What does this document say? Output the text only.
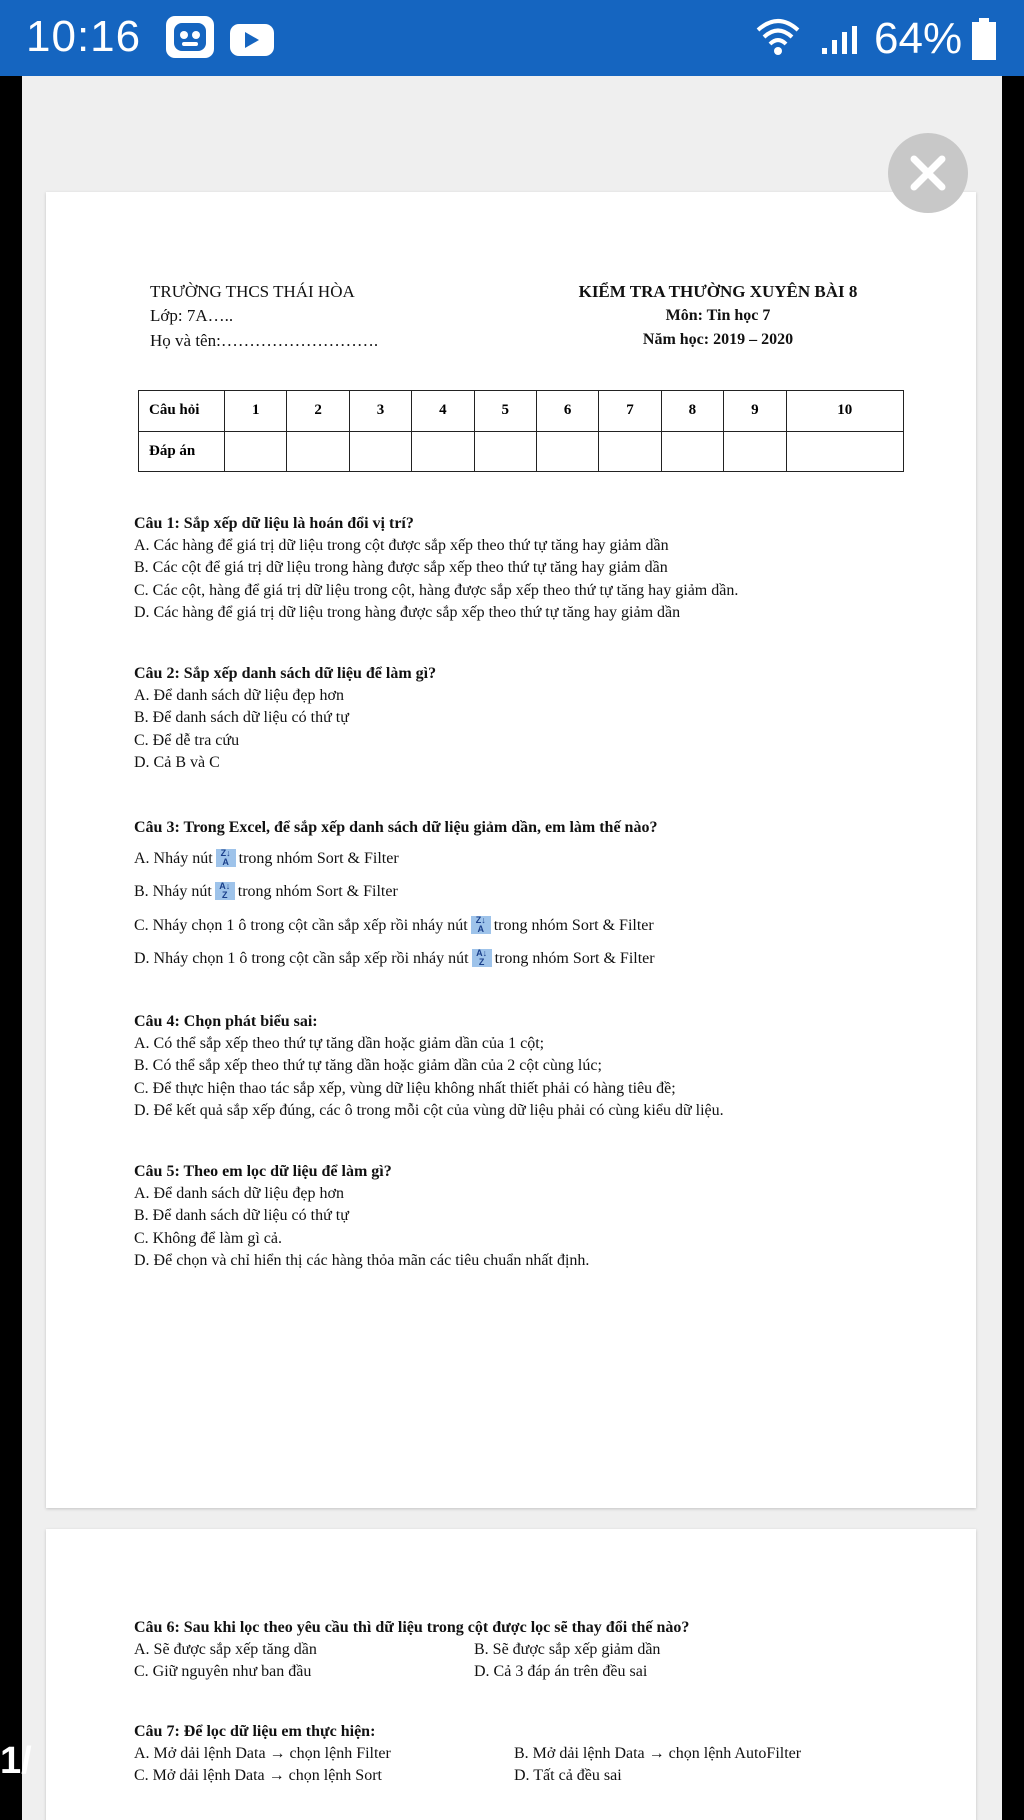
10:16	64%
1/
TRƯỜNG THCS THÁI HÒA
Lớp: 7A…..
Họ và tên:……………………….
KIỂM TRA THƯỜNG XUYÊN BÀI 8
Môn: Tin học 7
Năm học: 2019 – 2020
Câu hỏi	1	2	3	4	5	6	7	8	9	10
Đáp án										
Câu 1: Sắp xếp dữ liệu là hoán đổi vị trí?
A. Các hàng để giá trị dữ liệu trong cột được sắp xếp theo thứ tự tăng hay giảm dần
B. Các cột để giá trị dữ liệu trong hàng được sắp xếp theo thứ tự tăng hay giảm dần
C. Các cột, hàng để giá trị dữ liệu trong cột, hàng được sắp xếp theo thứ tự tăng hay giảm dần.
D. Các hàng để giá trị dữ liệu trong hàng được sắp xếp theo thứ tự tăng hay giảm dần
Câu 2: Sắp xếp danh sách dữ liệu để làm gì?
A. Để danh sách dữ liệu đẹp hơn
B. Để danh sách dữ liệu có thứ tự
C. Để dễ tra cứu
D. Cả B và C
Câu 3: Trong Excel, để sắp xếp danh sách dữ liệu giảm dần, em làm thế nào?
A. Nháy nút Z↓
A trong nhóm Sort & Filter
B. Nháy nút A↓
Z trong nhóm Sort & Filter
C. Nháy chọn 1 ô trong cột cần sắp xếp rồi nháy nút Z↓
A trong nhóm Sort & Filter
D. Nháy chọn 1 ô trong cột cần sắp xếp rồi nháy nút A↓
Z trong nhóm Sort & Filter
Câu 4: Chọn phát biểu sai:
A. Có thể sắp xếp theo thứ tự tăng dần hoặc giảm dần của 1 cột;
B. Có thể sắp xếp theo thứ tự tăng dần hoặc giảm dần của 2 cột cùng lúc;
C. Để thực hiện thao tác sắp xếp, vùng dữ liệu không nhất thiết phải có hàng tiêu đề;
D. Để kết quả sắp xếp đúng, các ô trong mỗi cột của vùng dữ liệu phải có cùng kiểu dữ liệu.
Câu 5: Theo em lọc dữ liệu để làm gì?
A. Để danh sách dữ liệu đẹp hơn
B. Để danh sách dữ liệu có thứ tự
C. Không để làm gì cả.
D. Để chọn và chỉ hiển thị các hàng thỏa mãn các tiêu chuẩn nhất định.
Câu 6: Sau khi lọc theo yêu cầu thì dữ liệu trong cột được lọc sẽ thay đổi thế nào?
A. Sẽ được sắp xếp tăng dần	B. Sẽ được sắp xếp giảm dần
C. Giữ nguyên như ban đầu	D. Cả 3 đáp án trên đều sai
Câu 7: Để lọc dữ liệu em thực hiện:
A. Mở dải lệnh Data → chọn lệnh Filter	B. Mở dải lệnh Data → chọn lệnh AutoFilter
C. Mở dải lệnh Data → chọn lệnh Sort	D. Tất cả đều sai
